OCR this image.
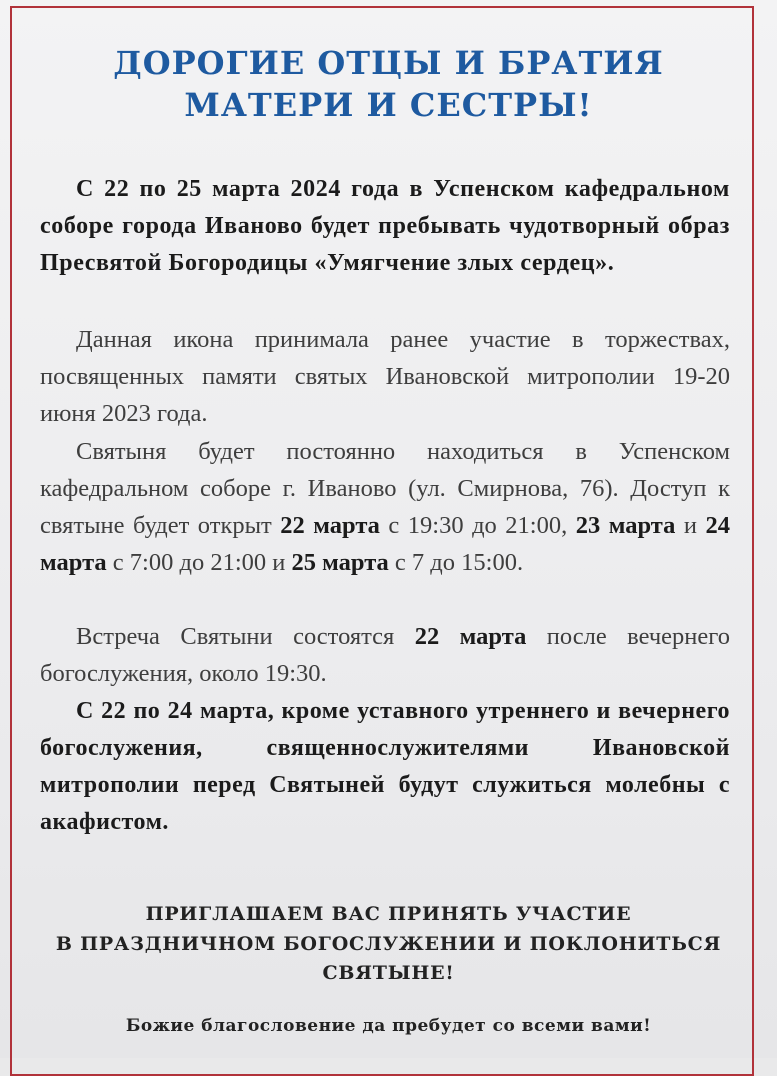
ДОРОГИЕ ОТЦЫ И БРАТИЯ
МАТЕРИ И СЕСТРЫ!
С 22 по 25 марта 2024 года в Успенском кафедральном соборе города Иваново будет пребывать чудотворный образ Пресвятой Богородицы «Умягчение злых сердец».
Данная икона принимала ранее участие в торжествах, посвященных памяти святых Ивановской митрополии 19-20 июня 2023 года.
Святыня будет постоянно находиться в Успенском кафедральном соборе г. Иваново (ул. Смирнова, 76). Доступ к святыне будет открыт 22 марта с 19:30 до 21:00, 23 марта и 24 марта с 7:00 до 21:00 и 25 марта с 7 до 15:00.
Встреча Святыни состоятся 22 марта после вечернего богослужения, около 19:30.
С 22 по 24 марта, кроме уставного утреннего и вечернего богослужения, священнослужителями Ивановской митрополии перед Святыней будут служиться молебны с акафистом.
ПРИГЛАШАЕМ ВАС ПРИНЯТЬ УЧАСТИЕ
В ПРАЗДНИЧНОМ БОГОСЛУЖЕНИИ И ПОКЛОНИТЬСЯ
СВЯТЫНЕ!
Божие благословение да пребудет со всеми вами!
